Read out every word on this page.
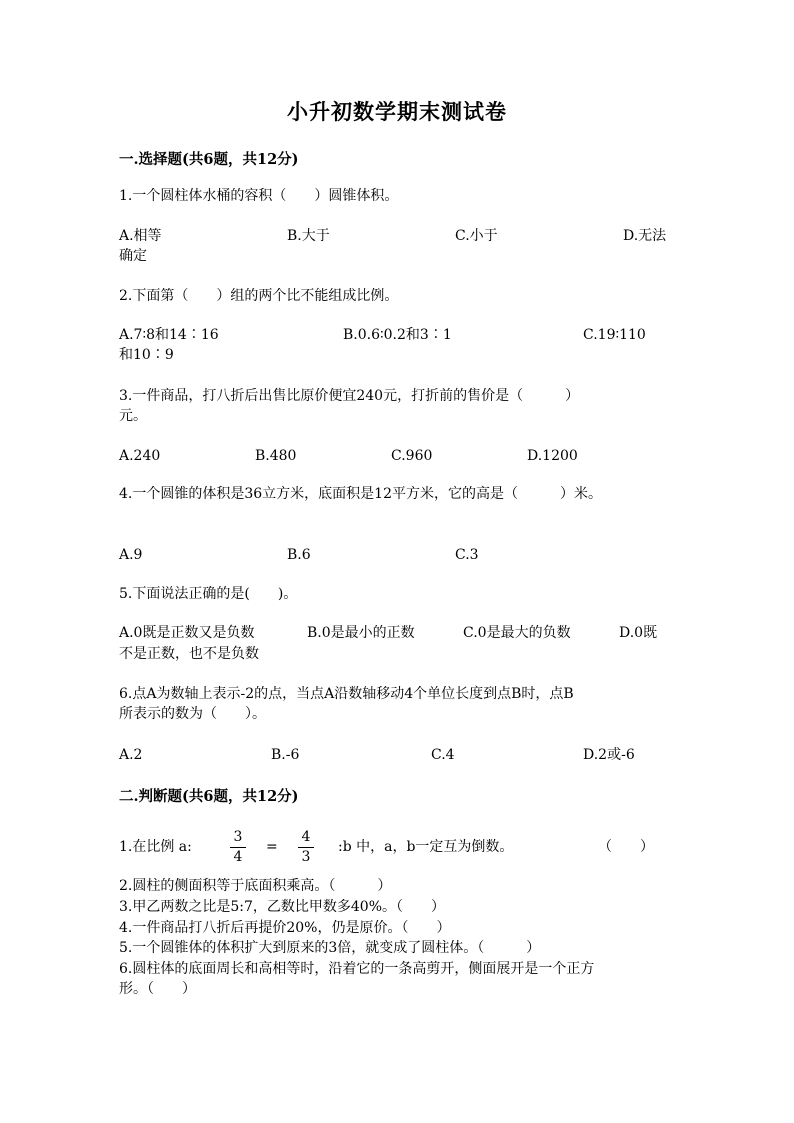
小升初数学期末测试卷
一.选择题(共6题，共12分)
1.一个圆柱体水桶的容积（　　）圆锥体积。
A.相等	B.大于	C.小于	D.无法
确定
2.下面第（　　）组的两个比不能组成比例。
A.7∶8和14∶16	B.0.6∶0.2和3∶1	C.19∶110
和10∶9
3.一件商品，打八折后出售比原价便宜240元，打折前的售价是（　　　）
元。
A.240	B.480	C.960	D.1200
4.一个圆锥的体积是36立方米，底面积是12平方米，它的高是（　　　）米。
A.9	B.6	C.3
5.下面说法正确的是(　　)。
A.0既是正数又是负数	B.0是最小的正数	C.0是最大的负数	D.0既
不是正数，也不是负数
6.点A为数轴上表示-2的点，当点A沿数轴移动4个单位长度到点B时，点B
所表示的数为（　　）。
A.2	B.-6	C.4	D.2或-6
二.判断题(共6题，共12分)
1.在比例 a:
3
4
=
4
3
:b 中，a，b一定互为倒数。	（　　）
2.圆柱的侧面积等于底面积乘高。（　　　）
3.甲乙两数之比是5:7，乙数比甲数多40%。（　　）
4.一件商品打八折后再提价20%，仍是原价。（　　）
5.一个圆锥体的体积扩大到原来的3倍，就变成了圆柱体。（　　　）
6.圆柱体的底面周长和高相等时，沿着它的一条高剪开，侧面展开是一个正方
形。（　　）
